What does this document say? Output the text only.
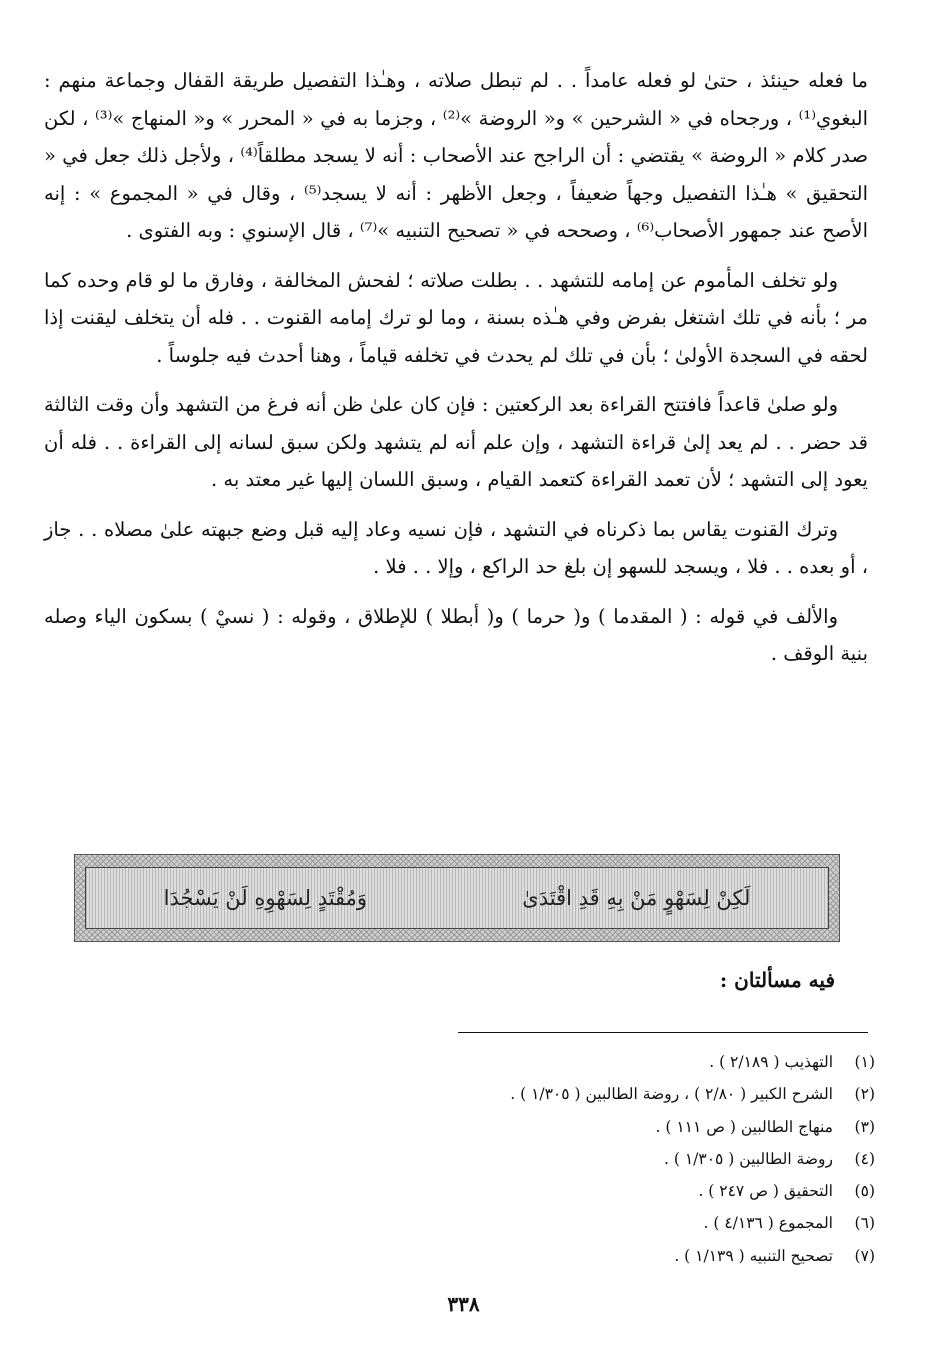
ما فعله حينئذ ، حتىٰ لو فعله عامداً . . لم تبطل صلاته ، وهـٰذا التفصيل طريقة القفال وجماعة منهم : البغوي⁽¹⁾ ، ورجحاه في « الشرحين » و« الروضة »⁽²⁾ ، وجزما به في « المحرر » و« المنهاج »⁽³⁾ ، لكن صدر كلام « الروضة » يقتضي : أن الراجح عند الأصحاب : أنه لا يسجد مطلقاً⁽⁴⁾ ، ولأجل ذلك جعل في « التحقيق » هـٰذا التفصيل وجهاً ضعيفاً ، وجعل الأظهر : أنه لا يسجد⁽⁵⁾ ، وقال في « المجموع » : إنه الأصح عند جمهور الأصحاب⁽⁶⁾ ، وصححه في « تصحيح التنبيه »⁽⁷⁾ ، قال الإسنوي : وبه الفتوى .

ولو تخلف المأموم عن إمامه للتشهد . . بطلت صلاته ؛ لفحش المخالفة ، وفارق ما لو قام وحده كما مر ؛ بأنه في تلك اشتغل بفرض وفي هـٰذه بسنة ، وما لو ترك إمامه القنوت . . فله أن يتخلف ليقنت إذا لحقه في السجدة الأولىٰ ؛ بأن في تلك لم يحدث في تخلفه قياماً ، وهنا أحدث فيه جلوساً .

ولو صلىٰ قاعداً فافتتح القراءة بعد الركعتين : فإن كان علىٰ ظن أنه فرغ من التشهد وأن وقت الثالثة قد حضر . . لم يعد إلىٰ قراءة التشهد ، وإن علم أنه لم يتشهد ولكن سبق لسانه إلى القراءة . . فله أن يعود إلى التشهد ؛ لأن تعمد القراءة كتعمد القيام ، وسبق اللسان إليها غير معتد به .

وترك القنوت يقاس بما ذكرناه في التشهد ، فإن نسيه وعاد إليه قبل وضع جبهته علىٰ مصلاه . . جاز ، أو بعده . . فلا ، ويسجد للسهو إن بلغ حد الراكع ، وإلا . . فلا .

والألف في قوله : ( المقدما ) و( حرما ) و( أبطلا ) للإطلاق ، وقوله : ( نسيْ ) بسكون الياء وصله بنية الوقف .

وَمُقْتَدٍ لِسَهْوِهِ لَنْ يَسْجُدَا	لَكِنْ لِسَهْوٍ مَنْ بِهِ قَدِ اقْتَدَىٰ
فيه مسألتان :
(١)
التهذيب ( ٢/١٨٩ ) .
(٢)
الشرح الكبير ( ٢/٨٠ ) ، روضة الطالبين ( ١/٣٠٥ ) .
(٣)
منهاج الطالبين ( ص ١١١ ) .
(٤)
روضة الطالبين ( ١/٣٠٥ ) .
(٥)
التحقيق ( ص ٢٤٧ ) .
(٦)
المجموع ( ٤/١٣٦ ) .
(٧)
تصحيح التنبيه ( ١/١٣٩ ) .
٣٣٨
